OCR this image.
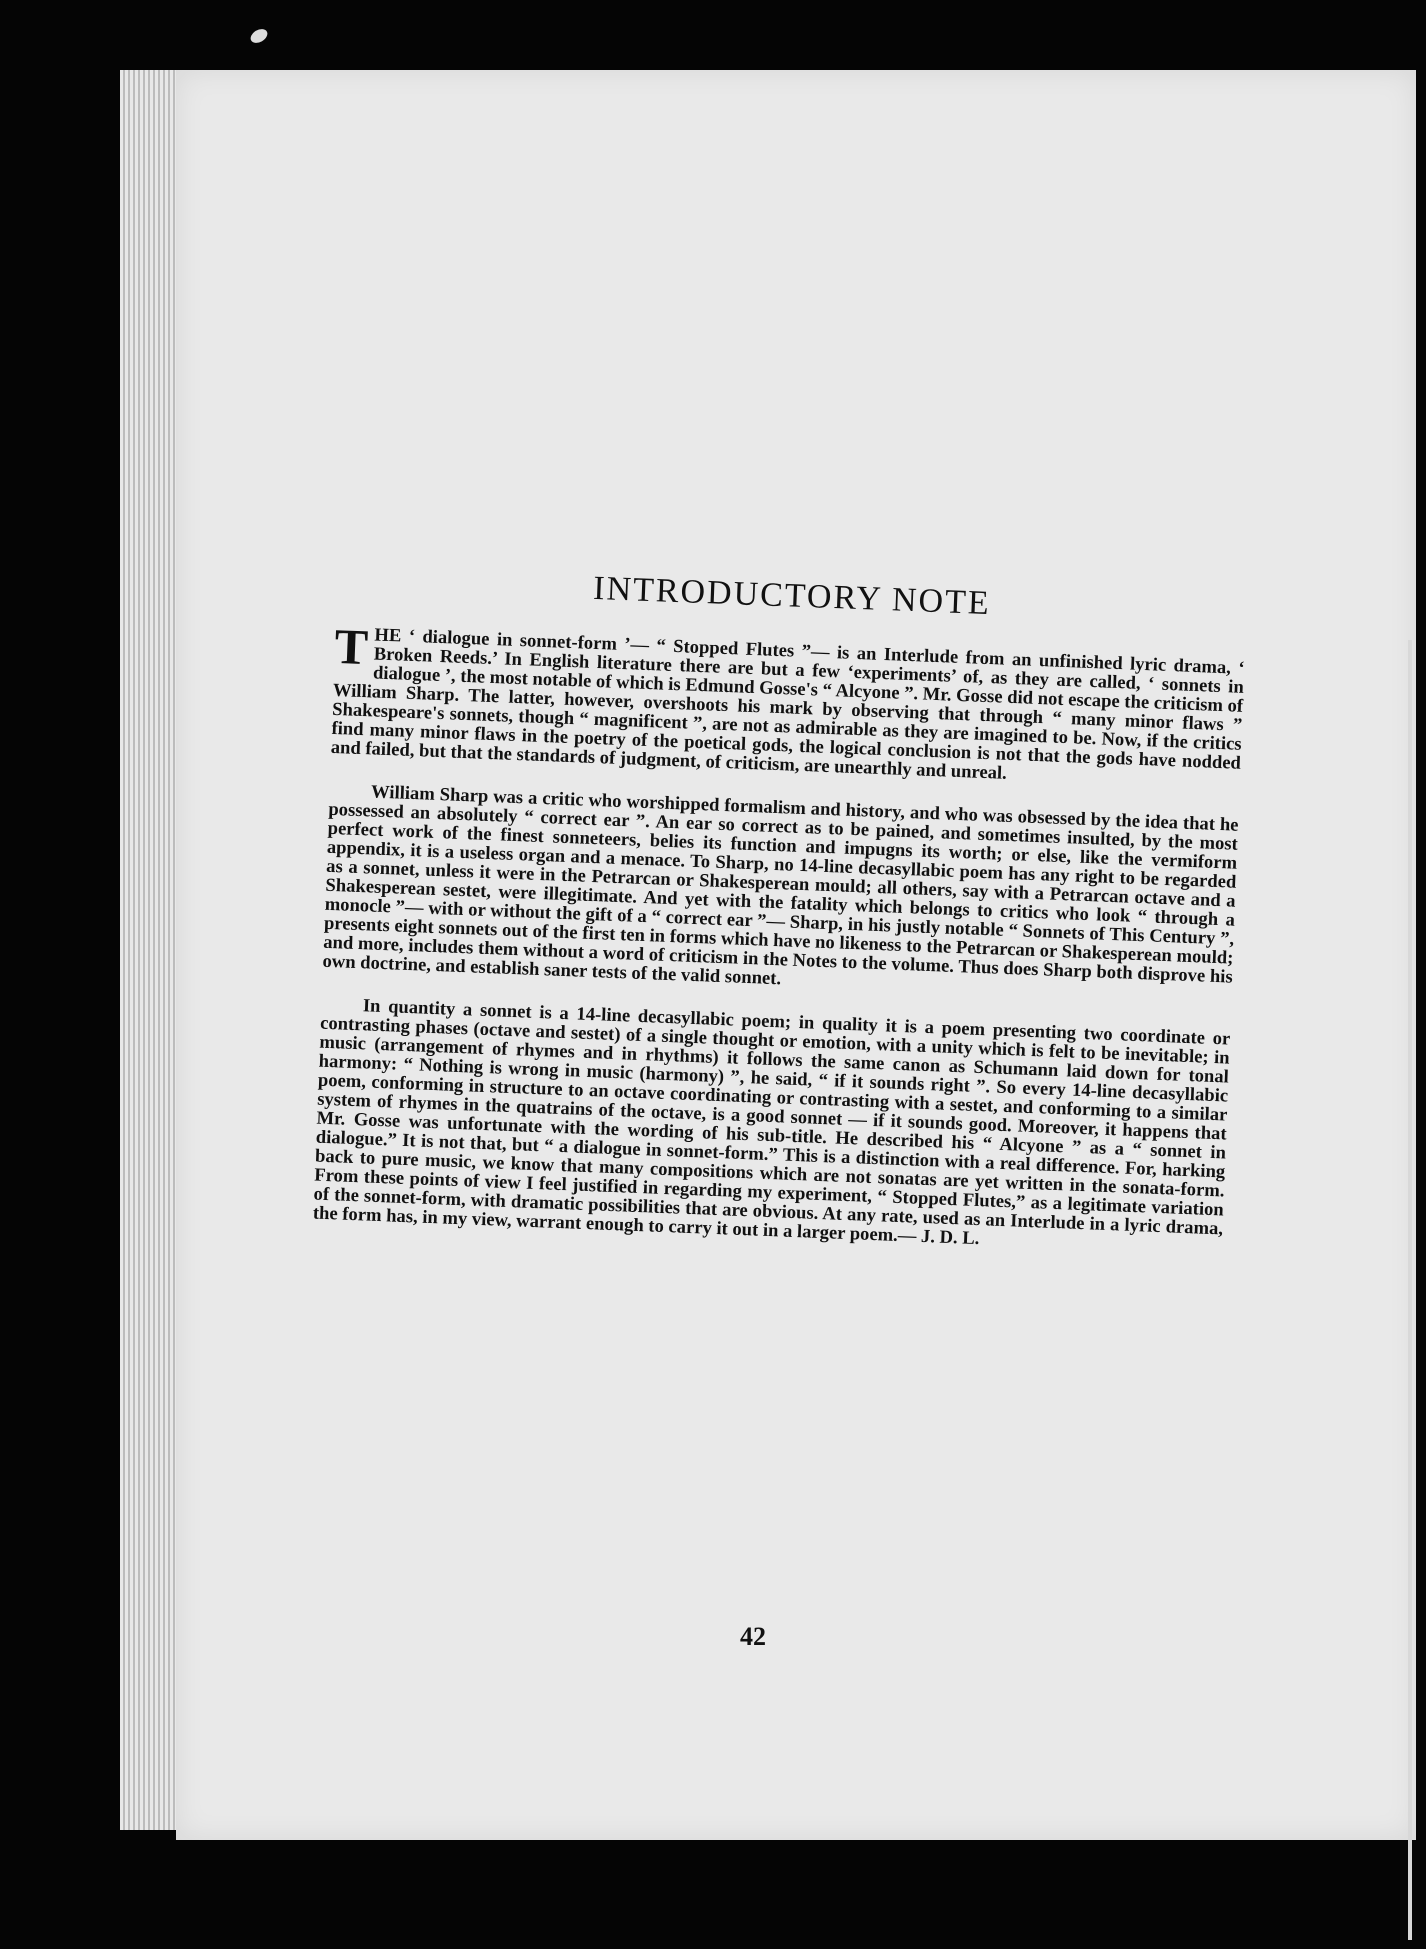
INTRODUCTORY NOTE

THE ‘ dialogue in sonnet-form ’— “ Stopped Flutes ”— is an Interlude from an unfinished lyric drama, ‘ Broken Reeds.’ In English literature there are but a few ‘experiments’ of, as they are called, ‘ sonnets in dialogue ’, the most notable of which is Edmund Gosse's “ Alcyone ”. Mr. Gosse did not escape the criticism of William Sharp. The latter, however, overshoots his mark by observing that through “ many minor flaws ” Shakespeare's sonnets, though “ magnificent ”, are not as admirable as they are imagined to be. Now, if the critics find many minor flaws in the poetry of the poetical gods, the logical conclusion is not that the gods have nodded and failed, but that the standards of judgment, of criticism, are unearthly and unreal.

William Sharp was a critic who worshipped formalism and history, and who was obsessed by the idea that he possessed an absolutely “ correct ear ”. An ear so correct as to be pained, and sometimes insulted, by the most perfect work of the finest sonneteers, belies its function and impugns its worth; or else, like the vermiform appendix, it is a useless organ and a menace. To Sharp, no 14-line decasyllabic poem has any right to be regarded as a sonnet, unless it were in the Petrarcan or Shakesperean mould; all others, say with a Petrarcan octave and a Shakesperean sestet, were illegitimate. And yet with the fatality which belongs to critics who look “ through a monocle ”— with or without the gift of a “ correct ear ”— Sharp, in his justly notable “ Sonnets of This Century ”, presents eight sonnets out of the first ten in forms which have no likeness to the Petrarcan or Shakesperean mould; and more, includes them without a word of criticism in the Notes to the volume. Thus does Sharp both disprove his own doctrine, and establish saner tests of the valid sonnet.

In quantity a sonnet is a 14-line decasyllabic poem; in quality it is a poem presenting two coordinate or contrasting phases (octave and sestet) of a single thought or emotion, with a unity which is felt to be inevitable; in music (arrangement of rhymes and in rhythms) it follows the same canon as Schumann laid down for tonal harmony: “ Nothing is wrong in music (harmony) ”, he said, “ if it sounds right ”. So every 14-line decasyllabic poem, conforming in structure to an octave coordinating or contrasting with a sestet, and conforming to a similar system of rhymes in the quatrains of the octave, is a good sonnet — if it sounds good. Moreover, it happens that Mr. Gosse was unfortunate with the wording of his sub-title. He described his “ Alcyone ” as a “ sonnet in dialogue.” It is not that, but “ a dialogue in sonnet-form.” This is a distinction with a real difference. For, harking back to pure music, we know that many compositions which are not sonatas are yet written in the sonata-form. From these points of view I feel justified in regarding my experiment, “ Stopped Flutes,” as a legitimate variation of the sonnet-form, with dramatic possibilities that are obvious. At any rate, used as an Interlude in a lyric drama, the form has, in my view, warrant enough to carry it out in a larger poem.— J. D. L.

42
